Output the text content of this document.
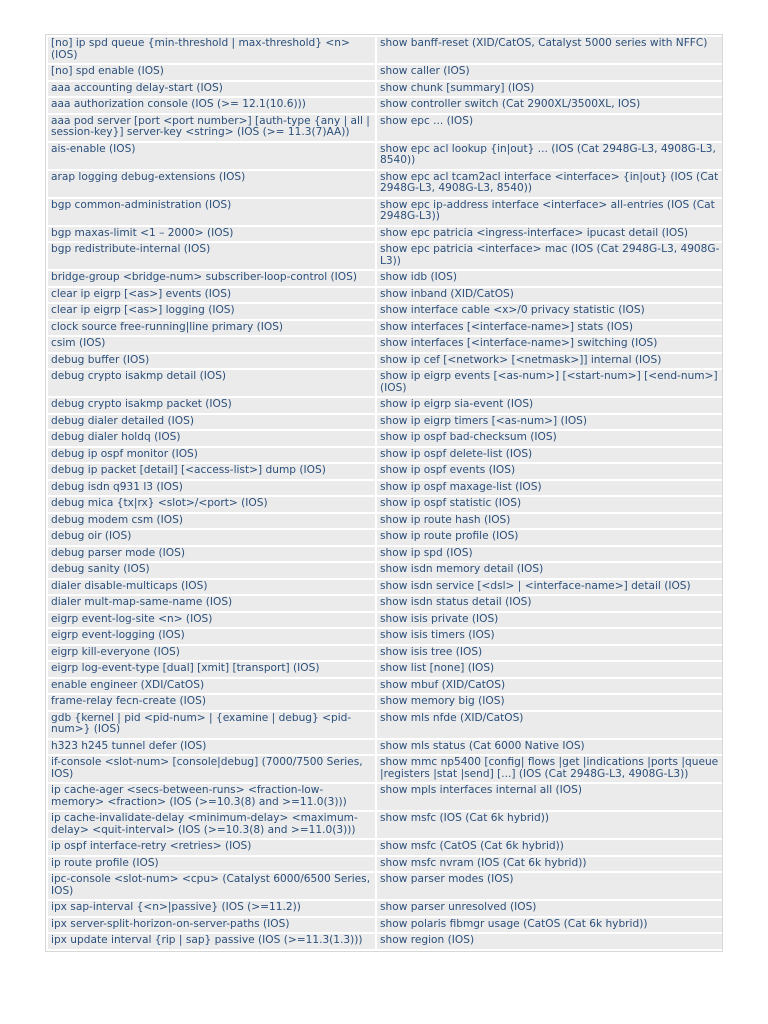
[no] ip spd queue {min-threshold | max-threshold} <n> (IOS)	show banff-reset (XID/CatOS, Catalyst 5000 series with NFFC)
[no] spd enable (IOS)	show caller (IOS)
aaa accounting delay-start (IOS)	show chunk [summary] (IOS)
aaa authorization console (IOS (>= 12.1(10.6)))	show controller switch (Cat 2900XL/3500XL, IOS)
aaa pod server [port <port number>] [auth-type {any | all | session-key}] server-key <string> (IOS (>= 11.3(7)AA))	show epc ... (IOS)
ais-enable (IOS)	show epc acl lookup {in|out} ... (IOS (Cat 2948G-L3, 4908G-L3, 8540))
arap logging debug-extensions (IOS)	show epc acl tcam2acl interface <interface> {in|out} (IOS (Cat 2948G-L3, 4908G-L3, 8540))
bgp common-administration (IOS)	show epc ip-address interface <interface> all-entries (IOS (Cat 2948G-L3))
bgp maxas-limit <1 – 2000> (IOS)	show epc patricia <ingress-interface> ipucast detail (IOS)
bgp redistribute-internal (IOS)	show epc patricia <interface> mac (IOS (Cat 2948G-L3, 4908G-L3))
bridge-group <bridge-num> subscriber-loop-control (IOS)	show idb (IOS)
clear ip eigrp [<as>] events (IOS)	show inband (XID/CatOS)
clear ip eigrp [<as>] logging (IOS)	show interface cable <x>/0 privacy statistic (IOS)
clock source free-running|line primary (IOS)	show interfaces [<interface-name>] stats (IOS)
csim (IOS)	show interfaces [<interface-name>] switching (IOS)
debug buffer (IOS)	show ip cef [<network> [<netmask>]] internal (IOS)
debug crypto isakmp detail (IOS)	show ip eigrp events [<as-num>] [<start-num>] [<end-num>] (IOS)
debug crypto isakmp packet (IOS)	show ip eigrp sia-event (IOS)
debug dialer detailed (IOS)	show ip eigrp timers [<as-num>] (IOS)
debug dialer holdq (IOS)	show ip ospf bad-checksum (IOS)
debug ip ospf monitor (IOS)	show ip ospf delete-list (IOS)
debug ip packet [detail] [<access-list>] dump (IOS)	show ip ospf events (IOS)
debug isdn q931 l3 (IOS)	show ip ospf maxage-list (IOS)
debug mica {tx|rx} <slot>/<port> (IOS)	show ip ospf statistic (IOS)
debug modem csm (IOS)	show ip route hash (IOS)
debug oir (IOS)	show ip route profile (IOS)
debug parser mode (IOS)	show ip spd (IOS)
debug sanity (IOS)	show isdn memory detail (IOS)
dialer disable-multicaps (IOS)	show isdn service [<dsl> | <interface-name>] detail (IOS)
dialer mult-map-same-name (IOS)	show isdn status detail (IOS)
eigrp event-log-site <n> (IOS)	show isis private (IOS)
eigrp event-logging (IOS)	show isis timers (IOS)
eigrp kill-everyone (IOS)	show isis tree (IOS)
eigrp log-event-type [dual] [xmit] [transport] (IOS)	show list [none] (IOS)
enable engineer (XDI/CatOS)	show mbuf (XID/CatOS)
frame-relay fecn-create (IOS)	show memory big (IOS)
gdb {kernel | pid <pid-num> | {examine | debug} <pid-num>} (IOS)	show mls nfde (XID/CatOS)
h323 h245 tunnel defer (IOS)	show mls status (Cat 6000 Native IOS)
if-console <slot-num> [console|debug] (7000/7500 Series, IOS)	show mmc np5400 [config| flows |get |indications |ports |queue |registers |stat |send] [...] (IOS (Cat 2948G-L3, 4908G-L3))
ip cache-ager <secs-between-runs> <fraction-low-memory> <fraction> (IOS (>=10.3(8) and >=11.0(3)))	show mpls interfaces internal all (IOS)
ip cache-invalidate-delay <minimum-delay> <maximum-delay> <quit-interval> (IOS (>=10.3(8) and >=11.0(3)))	show msfc (IOS (Cat 6k hybrid))
ip ospf interface-retry <retries> (IOS)	show msfc (CatOS (Cat 6k hybrid))
ip route profile (IOS)	show msfc nvram (IOS (Cat 6k hybrid))
ipc-console <slot-num> <cpu> (Catalyst 6000/6500 Series, IOS)	show parser modes (IOS)
ipx sap-interval {<n>|passive} (IOS (>=11.2))	show parser unresolved (IOS)
ipx server-split-horizon-on-server-paths (IOS)	show polaris fibmgr usage (CatOS (Cat 6k hybrid))
ipx update interval {rip | sap} passive (IOS (>=11.3(1.3)))	show region (IOS)
